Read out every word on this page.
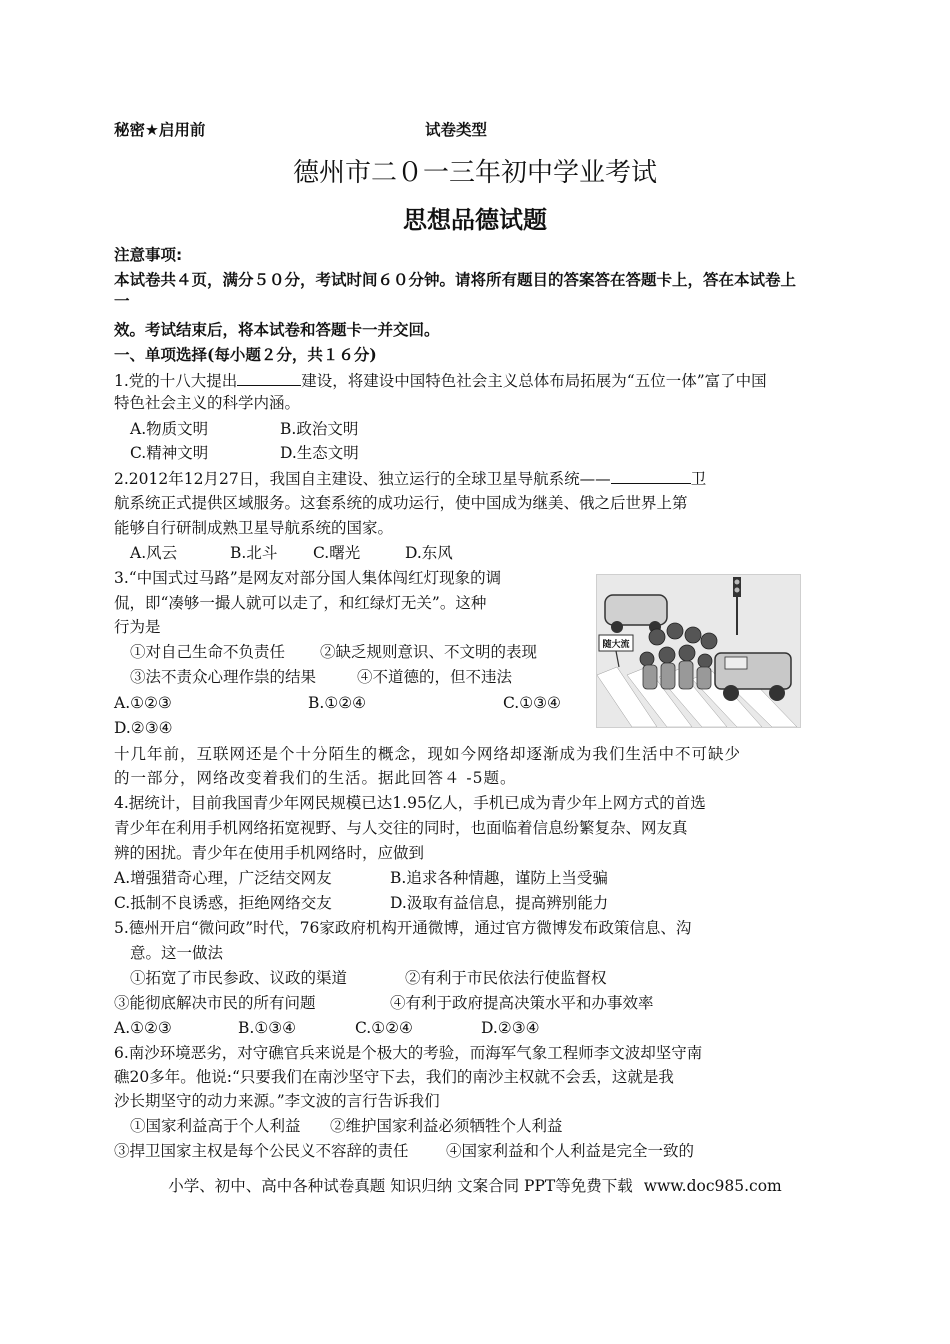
秘密★启用前	试卷类型
德州市二０一三年初中学业考试
思想品德试题
注意事项:
本试卷共４页，满分５０分，考试时间６０分钟。请将所有题目的答案答在答题卡上，答在本试卷上
一
效。考试结束后，将本试卷和答题卡一并交回。
一、单项选择(每小题２分，共１６分)
1.党的十八大提出	建设，将建设中国特色社会主义总体布局拓展为“五位一体”富了中国
特色社会主义的科学内涵。
A.物质文明	B.政治文明
C.精神文明	D.生态文明
2.2012年12月27日，我国自主建设、独立运行的全球卫星导航系统——	卫
航系统正式提供区域服务。这套系统的成功运行，使中国成为继美、俄之后世界上第
能够自行研制成熟卫星导航系统的国家。
A.风云	B.北斗 C.曙光	D.东风
3.“中国式过马路”是网友对部分国人集体闯红灯现象的调
侃，即“凑够一撮人就可以走了，和红绿灯无关”。这种
行为是
①对自己生命不负责任 ②缺乏规则意识、不文明的表现
③法不责众心理作祟的结果	④不道德的，但不违法
A.①②③	B.①②④	C.①③④
D.②③④
随大流
十几年前，互联网还是个十分陌生的概念，现如今网络却逐渐成为我们生活中不可缺少
的一部分，网络改变着我们的生活。据此回答４ -5题。
4.据统计，目前我国青少年网民规模已达1.95亿人，手机已成为青少年上网方式的首选
青少年在利用手机网络拓宽视野、与人交往的同时，也面临着信息纷繁复杂、网友真
辨的困扰。青少年在使用手机网络时，应做到
A.增强猎奇心理，广泛结交网友	B.追求各种情趣，谨防上当受骗
C.抵制不良诱惑，拒绝网络交友	D.汲取有益信息，提高辨别能力
5.德州开启“微问政”时代，76家政府机构开通微博，通过官方微博发布政策信息、沟
意。这一做法
①拓宽了市民参政、议政的渠道	②有利于市民依法行使监督权
③能彻底解决市民的所有问题	④有利于政府提高决策水平和办事效率
A.①②③	B.①③④	C.①②④	D.②③④
6.南沙环境恶劣，对守礁官兵来说是个极大的考验，而海军气象工程师李文波却坚守南
礁20多年。他说:“只要我们在南沙坚守下去，我们的南沙主权就不会丢，这就是我
沙长期坚守的动力来源。”李文波的言行告诉我们
①国家利益高于个人利益 ②维护国家利益必须牺牲个人利益
③捍卫国家主权是每个公民义不容辞的责任 ④国家利益和个人利益是完全一致的
小学、初中、高中各种试卷真题 知识归纳 文案合同 PPT等免费下载 www.doc985.com
